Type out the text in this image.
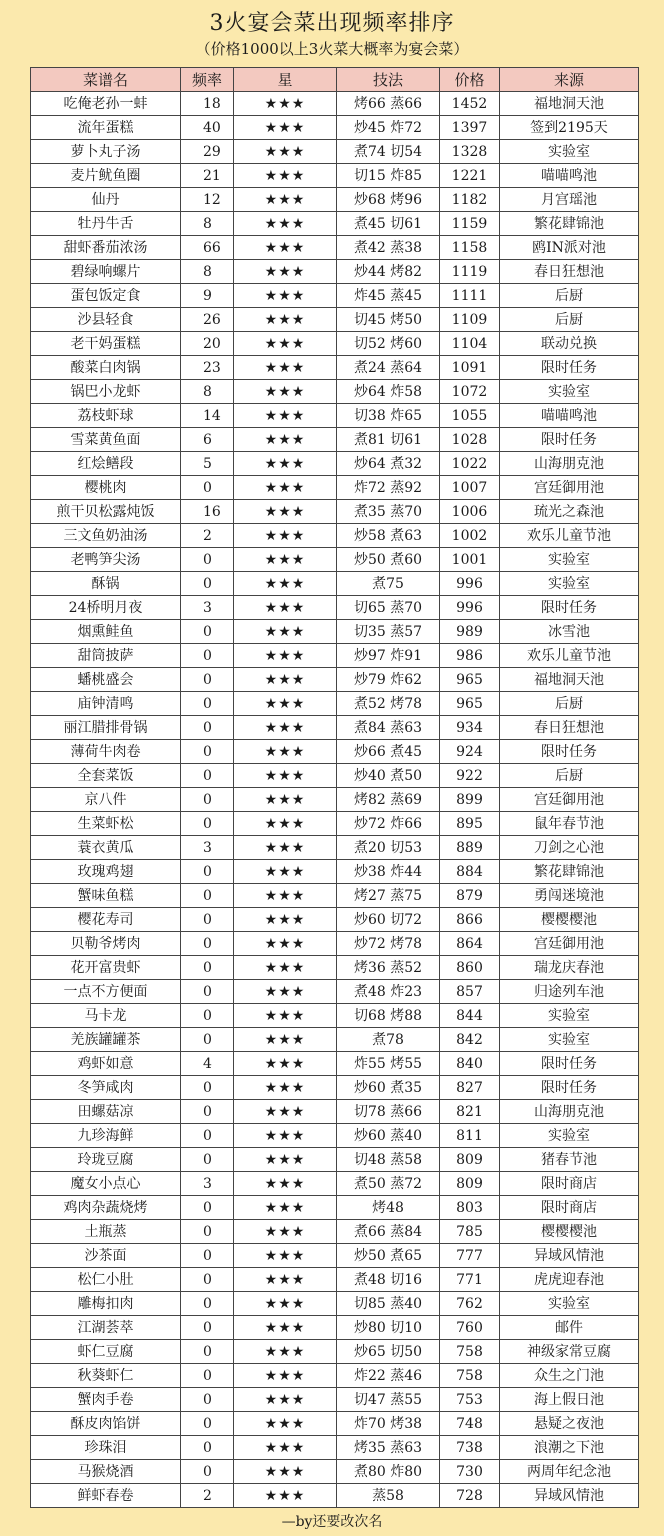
3火宴会菜出现频率排序
（价格1000以上3火菜大概率为宴会菜）
菜谱名	频率	星	技法	价格	来源
吃俺老孙一蚌	18	★★★	烤66 蒸66	1452	福地洞天池
流年蛋糕	40	★★★	炒45 炸72	1397	签到2195天
萝卜丸子汤	29	★★★	煮74 切54	1328	实验室
麦片鱿鱼圈	21	★★★	切15 炸85	1221	喵喵鸣池
仙丹	12	★★★	炒68 烤96	1182	月宫瑶池
牡丹牛舌	8	★★★	煮45 切61	1159	繁花肆锦池
甜虾番茄浓汤	66	★★★	煮42 蒸38	1158	鸥IN派对池
碧绿响螺片	8	★★★	炒44 烤82	1119	春日狂想池
蛋包饭定食	9	★★★	炸45 蒸45	1111	后厨
沙县轻食	26	★★★	切45 烤50	1109	后厨
老干妈蛋糕	20	★★★	切52 烤60	1104	联动兑换
酸菜白肉锅	23	★★★	煮24 蒸64	1091	限时任务
锅巴小龙虾	8	★★★	炒64 炸58	1072	实验室
荔枝虾球	14	★★★	切38 炸65	1055	喵喵鸣池
雪菜黄鱼面	6	★★★	煮81 切61	1028	限时任务
红烩鳝段	5	★★★	炒64 煮32	1022	山海朋克池
樱桃肉	0	★★★	炸72 蒸92	1007	宫廷御用池
煎干贝松露炖饭	16	★★★	煮35 蒸70	1006	琉光之森池
三文鱼奶油汤	2	★★★	炒58 煮63	1002	欢乐儿童节池
老鸭笋尖汤	0	★★★	炒50 煮60	1001	实验室
酥锅	0	★★★	煮75	996	实验室
24桥明月夜	3	★★★	切65 蒸70	996	限时任务
烟熏鲑鱼	0	★★★	切35 蒸57	989	冰雪池
甜筒披萨	0	★★★	炒97 炸91	986	欢乐儿童节池
蟠桃盛会	0	★★★	炒79 炸62	965	福地洞天池
庙钟清鸣	0	★★★	煮52 烤78	965	后厨
丽江腊排骨锅	0	★★★	煮84 蒸63	934	春日狂想池
薄荷牛肉卷	0	★★★	炒66 煮45	924	限时任务
全套菜饭	0	★★★	炒40 煮50	922	后厨
京八件	0	★★★	烤82 蒸69	899	宫廷御用池
生菜虾松	0	★★★	炒72 炸66	895	鼠年春节池
蓑衣黄瓜	3	★★★	煮20 切53	889	刀剑之心池
玫瑰鸡翅	0	★★★	炒38 炸44	884	繁花肆锦池
蟹味鱼糕	0	★★★	烤27 蒸75	879	勇闯迷境池
樱花寿司	0	★★★	炒60 切72	866	樱樱樱池
贝勒爷烤肉	0	★★★	炒72 烤78	864	宫廷御用池
花开富贵虾	0	★★★	烤36 蒸52	860	瑞龙庆春池
一点不方便面	0	★★★	煮48 炸23	857	归途列车池
马卡龙	0	★★★	切68 烤88	844	实验室
羌族罐罐茶	0	★★★	煮78	842	实验室
鸡虾如意	4	★★★	炸55 烤55	840	限时任务
冬笋咸肉	0	★★★	炒60 煮35	827	限时任务
田螺菇凉	0	★★★	切78 蒸66	821	山海朋克池
九珍海鲜	0	★★★	炒60 蒸40	811	实验室
玲珑豆腐	0	★★★	切48 蒸58	809	猪春节池
魔女小点心	3	★★★	煮50 蒸72	809	限时商店
鸡肉杂蔬烧烤	0	★★★	烤48	803	限时商店
土瓶蒸	0	★★★	煮66 蒸84	785	樱樱樱池
沙茶面	0	★★★	炒50 煮65	777	异域风情池
松仁小肚	0	★★★	煮48 切16	771	虎虎迎春池
雕梅扣肉	0	★★★	切85 蒸40	762	实验室
江湖荟萃	0	★★★	炒80 切10	760	邮件
虾仁豆腐	0	★★★	炒65 切50	758	神级家常豆腐
秋葵虾仁	0	★★★	炸22 蒸46	758	众生之门池
蟹肉手卷	0	★★★	切47 蒸55	753	海上假日池
酥皮肉馅饼	0	★★★	炸70 烤38	748	悬疑之夜池
珍珠泪	0	★★★	烤35 蒸63	738	浪潮之下池
马猴烧酒	0	★★★	煮80 炸80	730	两周年纪念池
鲜虾春卷	2	★★★	蒸58	728	异域风情池
—by还要改次名
